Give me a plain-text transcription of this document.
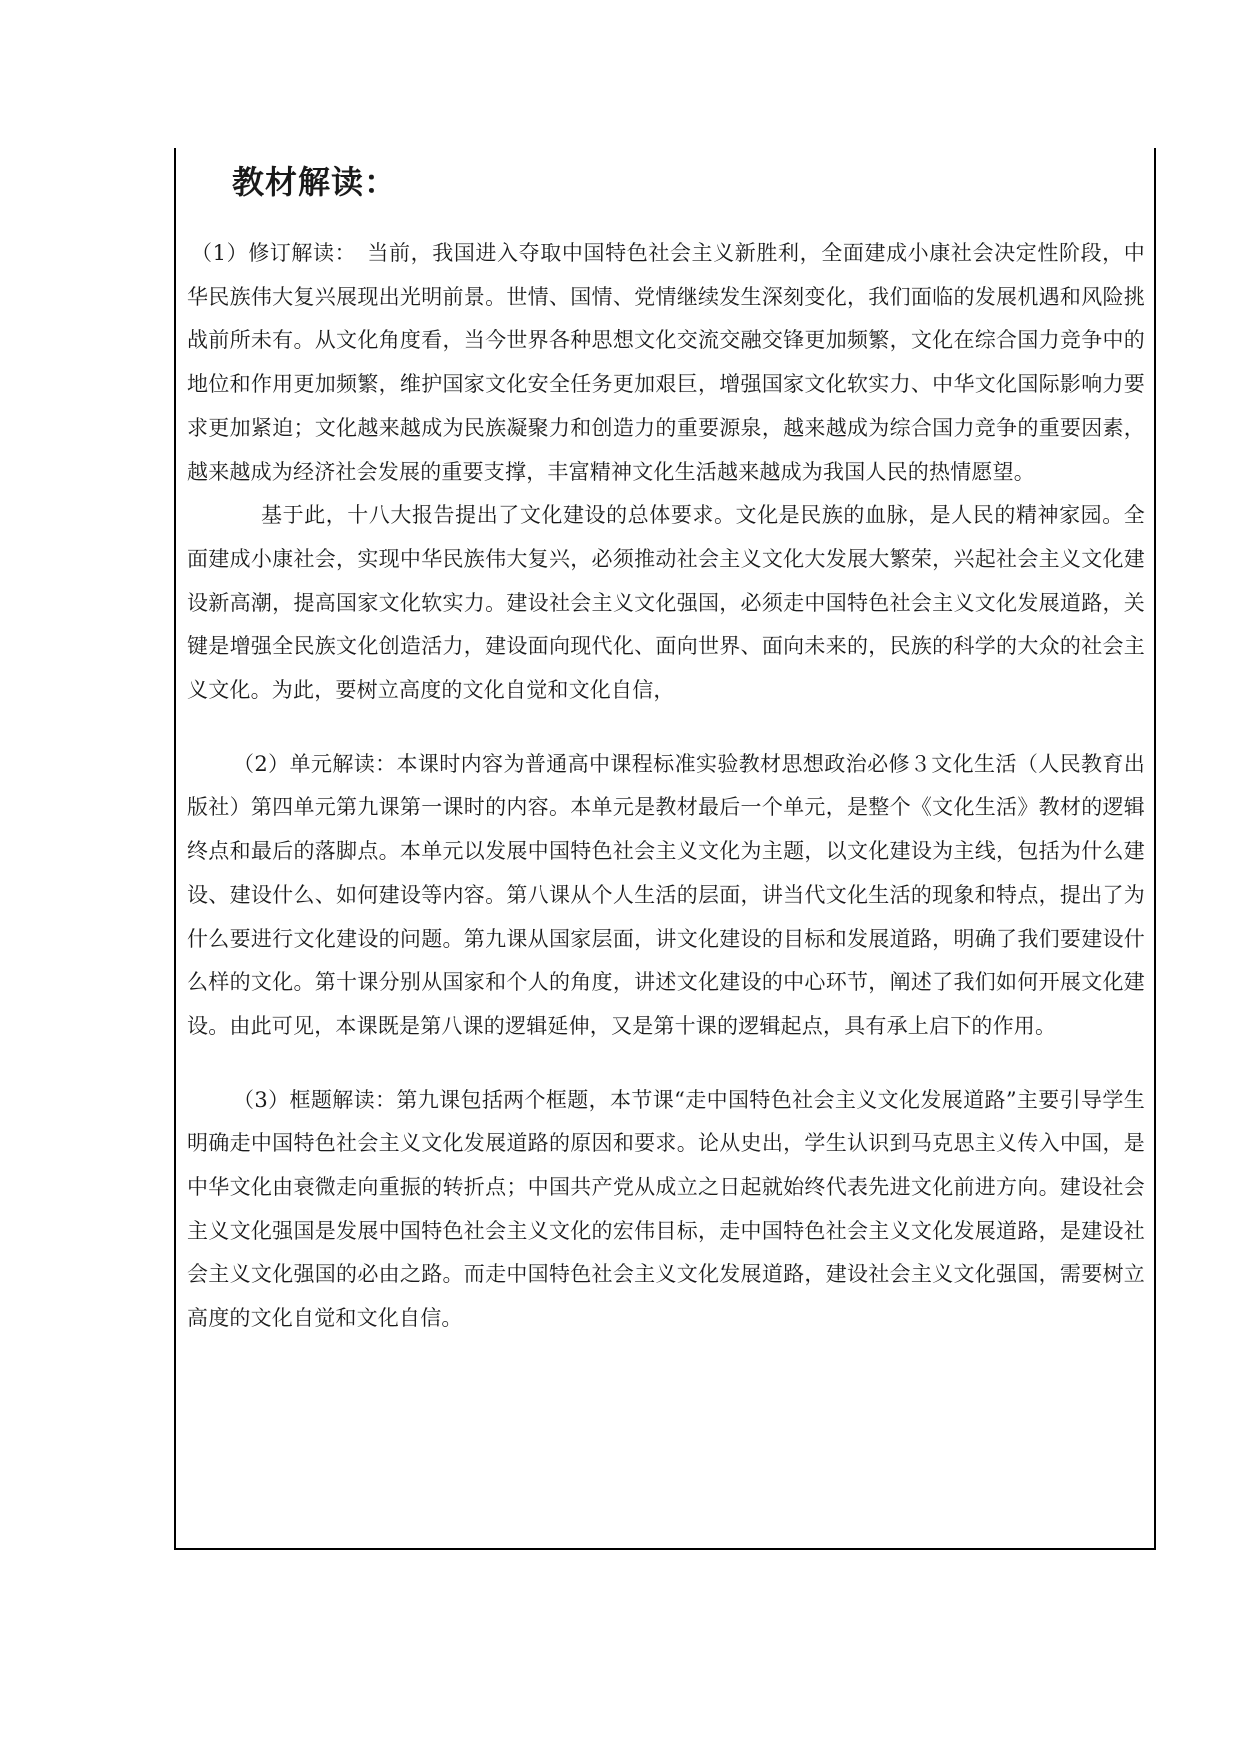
教材解读：

（1）修订解读：　当前，我国进入夺取中国特色社会主义新胜利，全面建成小康社会决定性阶段，中华民族伟大复兴展现出光明前景。世情、国情、党情继续发生深刻变化，我们面临的发展机遇和风险挑战前所未有。从文化角度看，当今世界各种思想文化交流交融交锋更加频繁，文化在综合国力竞争中的地位和作用更加频繁，维护国家文化安全任务更加艰巨，增强国家文化软实力、中华文化国际影响力要求更加紧迫；文化越来越成为民族凝聚力和创造力的重要源泉，越来越成为综合国力竞争的重要因素，越来越成为经济社会发展的重要支撑，丰富精神文化生活越来越成为我国人民的热情愿望。

基于此，十八大报告提出了文化建设的总体要求。文化是民族的血脉，是人民的精神家园。全面建成小康社会，实现中华民族伟大复兴，必须推动社会主义文化大发展大繁荣，兴起社会主义文化建设新高潮，提高国家文化软实力。建设社会主义文化强国，必须走中国特色社会主义文化发展道路，关键是增强全民族文化创造活力，建设面向现代化、面向世界、面向未来的，民族的科学的大众的社会主义文化。为此，要树立高度的文化自觉和文化自信，

（2）单元解读：本课时内容为普通高中课程标准实验教材思想政治必修３文化生活（人民教育出版社）第四单元第九课第一课时的内容。本单元是教材最后一个单元，是整个《文化生活》教材的逻辑终点和最后的落脚点。本单元以发展中国特色社会主义文化为主题，以文化建设为主线，包括为什么建设、建设什么、如何建设等内容。第八课从个人生活的层面，讲当代文化生活的现象和特点，提出了为什么要进行文化建设的问题。第九课从国家层面，讲文化建设的目标和发展道路，明确了我们要建设什么样的文化。第十课分别从国家和个人的角度，讲述文化建设的中心环节，阐述了我们如何开展文化建设。由此可见，本课既是第八课的逻辑延伸，又是第十课的逻辑起点，具有承上启下的作用。

（3）框题解读：第九课包括两个框题，本节课“走中国特色社会主义文化发展道路”主要引导学生明确走中国特色社会主义文化发展道路的原因和要求。论从史出，学生认识到马克思主义传入中国，是中华文化由衰微走向重振的转折点；中国共产党从成立之日起就始终代表先进文化前进方向。建设社会主义文化强国是发展中国特色社会主义文化的宏伟目标，走中国特色社会主义文化发展道路，是建设社会主义文化强国的必由之路。而走中国特色社会主义文化发展道路，建设社会主义文化强国，需要树立高度的文化自觉和文化自信。
